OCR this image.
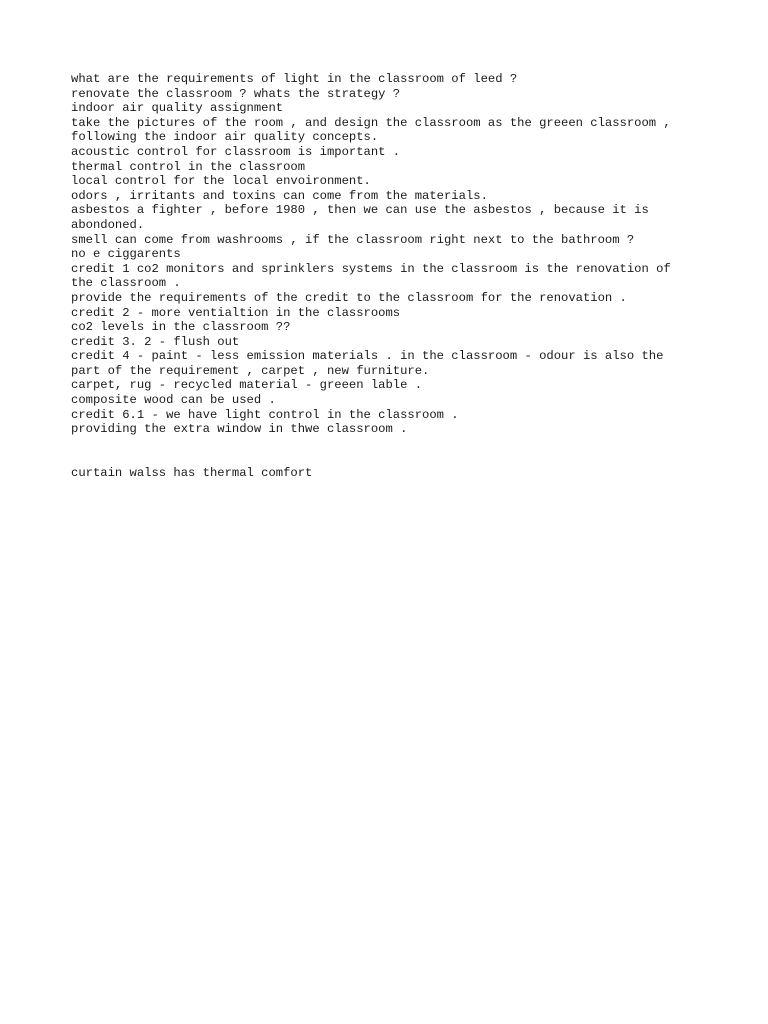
what are the requirements of light in the classroom of leed ?
renovate the classroom ? whats the strategy ?
indoor air quality assignment
take the pictures of the room , and design the classroom as the greeen classroom ,
following the indoor air quality concepts.
acoustic control for classroom is important .
thermal control in the classroom
local control for the local envoironment.
odors , irritants and toxins can come from the materials.
asbestos a fighter , before 1980 , then we can use the asbestos , because it is
abondoned.
smell can come from washrooms , if the classroom right next to the bathroom ?
no e ciggarents
credit 1 co2 monitors and sprinklers systems in the classroom is the renovation of
the classroom .
provide the requirements of the credit to the classroom for the renovation .
credit 2 - more ventialtion in the classrooms
co2 levels in the classroom ??
credit 3. 2 - flush out
credit 4 - paint - less emission materials . in the classroom - odour is also the
part of the requirement , carpet , new furniture.
carpet, rug - recycled material - greeen lable .
composite wood can be used .
credit 6.1 - we have light control in the classroom .
providing the extra window in thwe classroom .
curtain walss has thermal comfort
